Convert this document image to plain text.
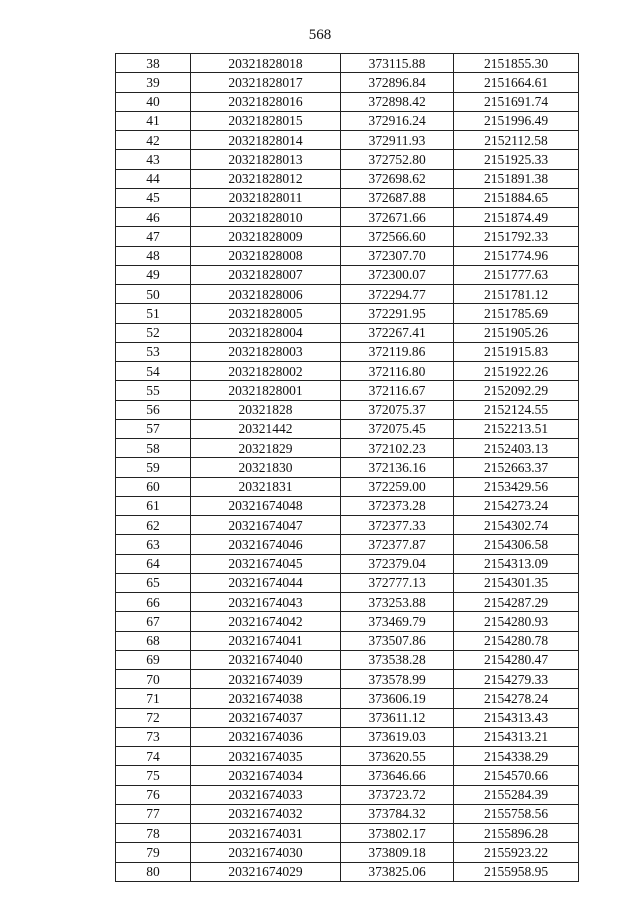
568
38	20321828018	373115.88	2151855.30
39	20321828017	372896.84	2151664.61
40	20321828016	372898.42	2151691.74
41	20321828015	372916.24	2151996.49
42	20321828014	372911.93	2152112.58
43	20321828013	372752.80	2151925.33
44	20321828012	372698.62	2151891.38
45	20321828011	372687.88	2151884.65
46	20321828010	372671.66	2151874.49
47	20321828009	372566.60	2151792.33
48	20321828008	372307.70	2151774.96
49	20321828007	372300.07	2151777.63
50	20321828006	372294.77	2151781.12
51	20321828005	372291.95	2151785.69
52	20321828004	372267.41	2151905.26
53	20321828003	372119.86	2151915.83
54	20321828002	372116.80	2151922.26
55	20321828001	372116.67	2152092.29
56	20321828	372075.37	2152124.55
57	20321442	372075.45	2152213.51
58	20321829	372102.23	2152403.13
59	20321830	372136.16	2152663.37
60	20321831	372259.00	2153429.56
61	20321674048	372373.28	2154273.24
62	20321674047	372377.33	2154302.74
63	20321674046	372377.87	2154306.58
64	20321674045	372379.04	2154313.09
65	20321674044	372777.13	2154301.35
66	20321674043	373253.88	2154287.29
67	20321674042	373469.79	2154280.93
68	20321674041	373507.86	2154280.78
69	20321674040	373538.28	2154280.47
70	20321674039	373578.99	2154279.33
71	20321674038	373606.19	2154278.24
72	20321674037	373611.12	2154313.43
73	20321674036	373619.03	2154313.21
74	20321674035	373620.55	2154338.29
75	20321674034	373646.66	2154570.66
76	20321674033	373723.72	2155284.39
77	20321674032	373784.32	2155758.56
78	20321674031	373802.17	2155896.28
79	20321674030	373809.18	2155923.22
80	20321674029	373825.06	2155958.95
